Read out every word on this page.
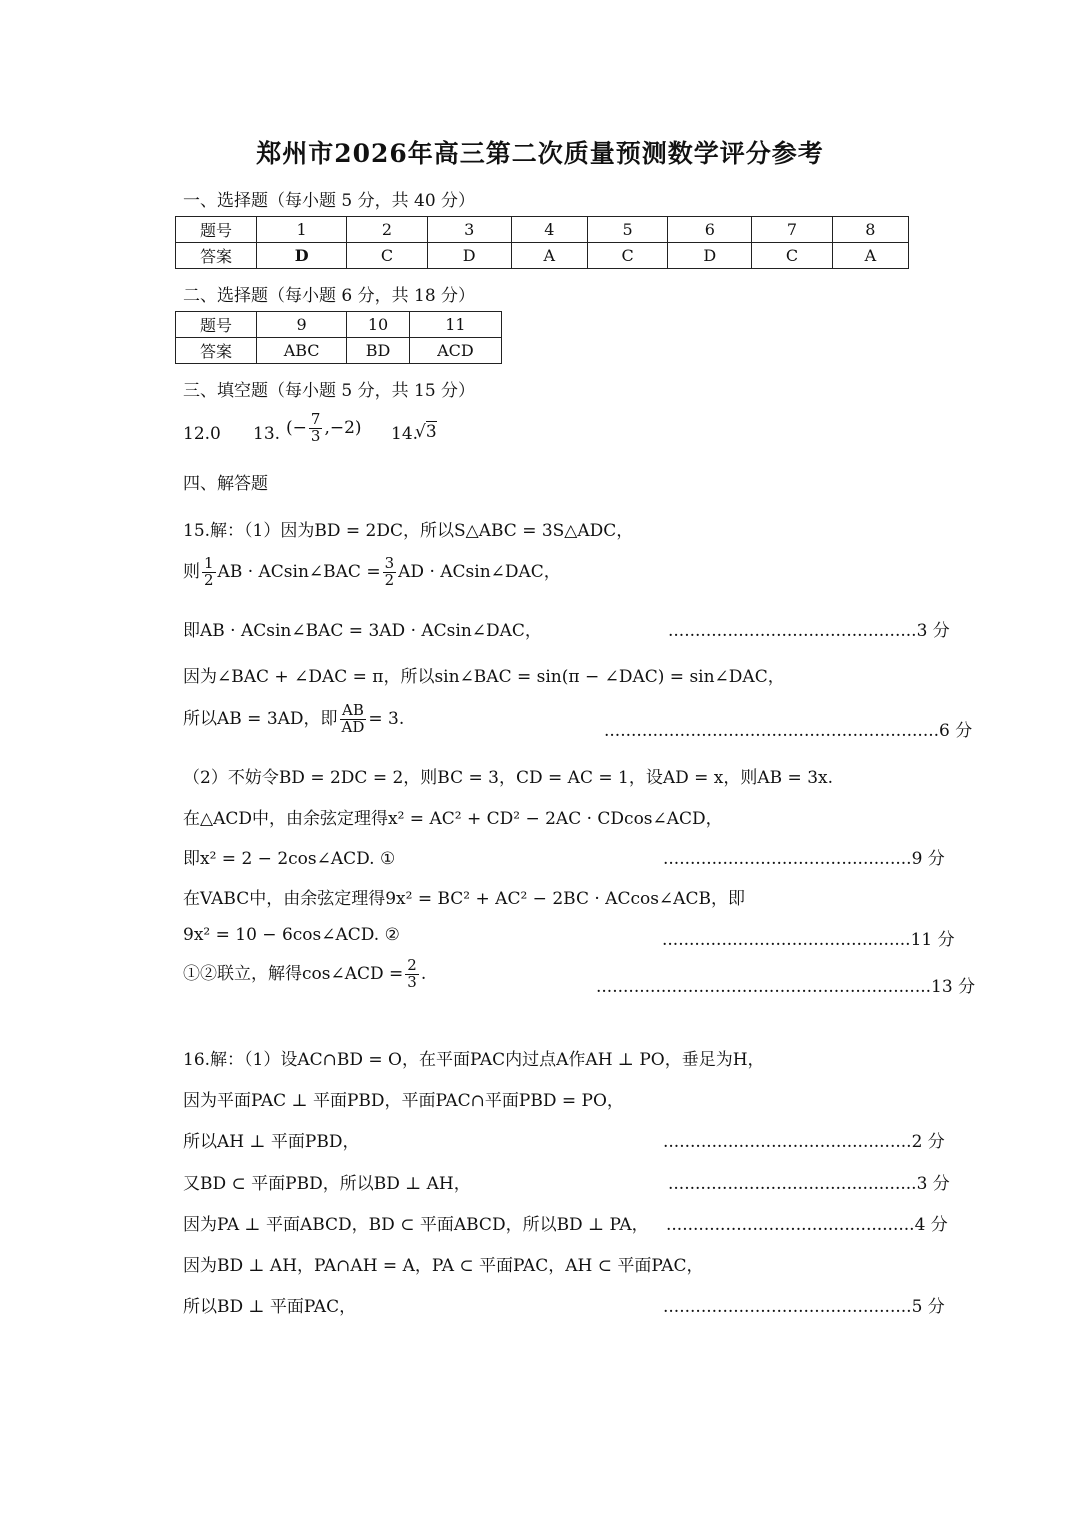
郑州市2026年高三第二次质量预测数学评分参考
一、选择题（每小题 5 分，共 40 分）
题号	1	2	3	4	5	6	7	8
答案	D	C	D	A	C	D	C	A
二、选择题（每小题 6 分，共 18 分）
题号	9	10	11
答案	ABC	BD	ACD
三、填空题（每小题 5 分，共 15 分）
12.0 13. (− $\frac{7}{3} ,-2$) 14.
√3
四、解答题
15.解：（1）因为BD = 2DC，所以S△ABC = 3S△ADC，
则 $\frac{1}{2}$ AB · ACsin∠BAC = $\frac{3}{2}$ AD · ACsin∠DAC，
即AB · ACsin∠BAC = 3AD · ACsin∠DAC，	..............................................3 分
因为∠BAC + ∠DAC = π，所以sin∠BAC = sin(π − ∠DAC) = sin∠DAC，
所以AB = 3AD，即 $\frac{AB}{AD} = 3$.
..............................................................6 分
（2）不妨令BD = 2DC = 2，则BC = 3，CD = AC = 1，设AD = x，则AB = 3x.
在△ACD中，由余弦定理得x² = AC² + CD² − 2AC · CDcos∠ACD，
即x² = 2 − 2cos∠ACD. ①	..............................................9 分
在VABC中，由余弦定理得9x² = BC² + AC² − 2BC · ACcos∠ACB，即
9x² = 10 − 6cos∠ACD. ②	..............................................11 分
①②联立，解得cos∠ACD = $\frac{2}{3}$ .
..............................................................13 分
16.解：（1）设AC∩BD = O，在平面PAC内过点A作AH ⊥ PO，垂足为H，
因为平面PAC ⊥ 平面PBD，平面PAC∩平面PBD = PO，
所以AH ⊥ 平面PBD，	..............................................2 分
又BD ⊂ 平面PBD，所以BD ⊥ AH，	..............................................3 分
因为PA ⊥ 平面ABCD，BD ⊂ 平面ABCD，所以BD ⊥ PA， ..............................................4 分
因为BD ⊥ AH，PA∩AH = A，PA ⊂ 平面PAC，AH ⊂ 平面PAC，
所以BD ⊥ 平面PAC，	..............................................5 分
